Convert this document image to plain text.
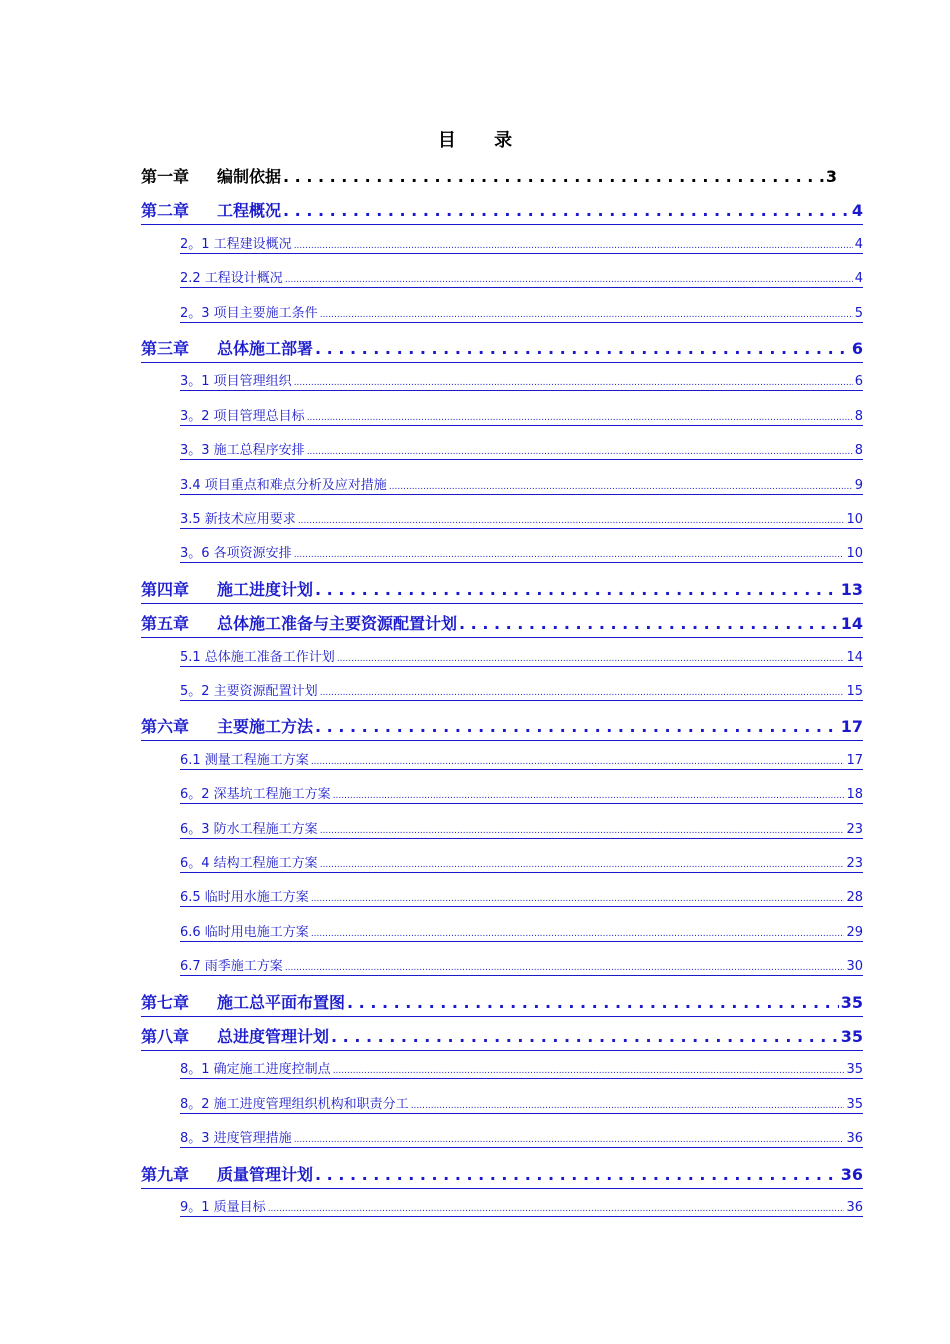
目 录
第一章 编制依据 . . .	3
第二章 工程概况 . . .	4
2。1 工程建设概况 .....	4
2.2 工程设计概况 .....	4
2。3 项目主要施工条件 .....	5
第三章 总体施工部署 . . .	6
3。1 项目管理组织 .....	6
3。2 项目管理总目标 .....	8
3。3 施工总程序安排 .....	8
3.4 项目重点和难点分析及应对措施 .....	9
3.5 新技术应用要求 .....	10
3。6 各项资源安排 .....	10
第四章 施工进度计划 . . .	13
第五章 总体施工准备与主要资源配置计划 . . .	14
5.1 总体施工准备工作计划 .....	14
5。2 主要资源配置计划 .....	15
第六章 主要施工方法 . . .	17
6.1 测量工程施工方案 .....	17
6。2 深基坑工程施工方案 .....	18
6。3 防水工程施工方案 .....	23
6。4 结构工程施工方案 .....	23
6.5 临时用水施工方案 .....	28
6.6 临时用电施工方案 .....	29
6.7 雨季施工方案 .....	30
第七章 施工总平面布置图 . . .	35
第八章 总进度管理计划 . . .	35
8。1 确定施工进度控制点 .....	35
8。2 施工进度管理组织机构和职责分工 .....	35
8。3 进度管理措施 .....	36
第九章 质量管理计划 . . .	36
9。1 质量目标 .....	36
